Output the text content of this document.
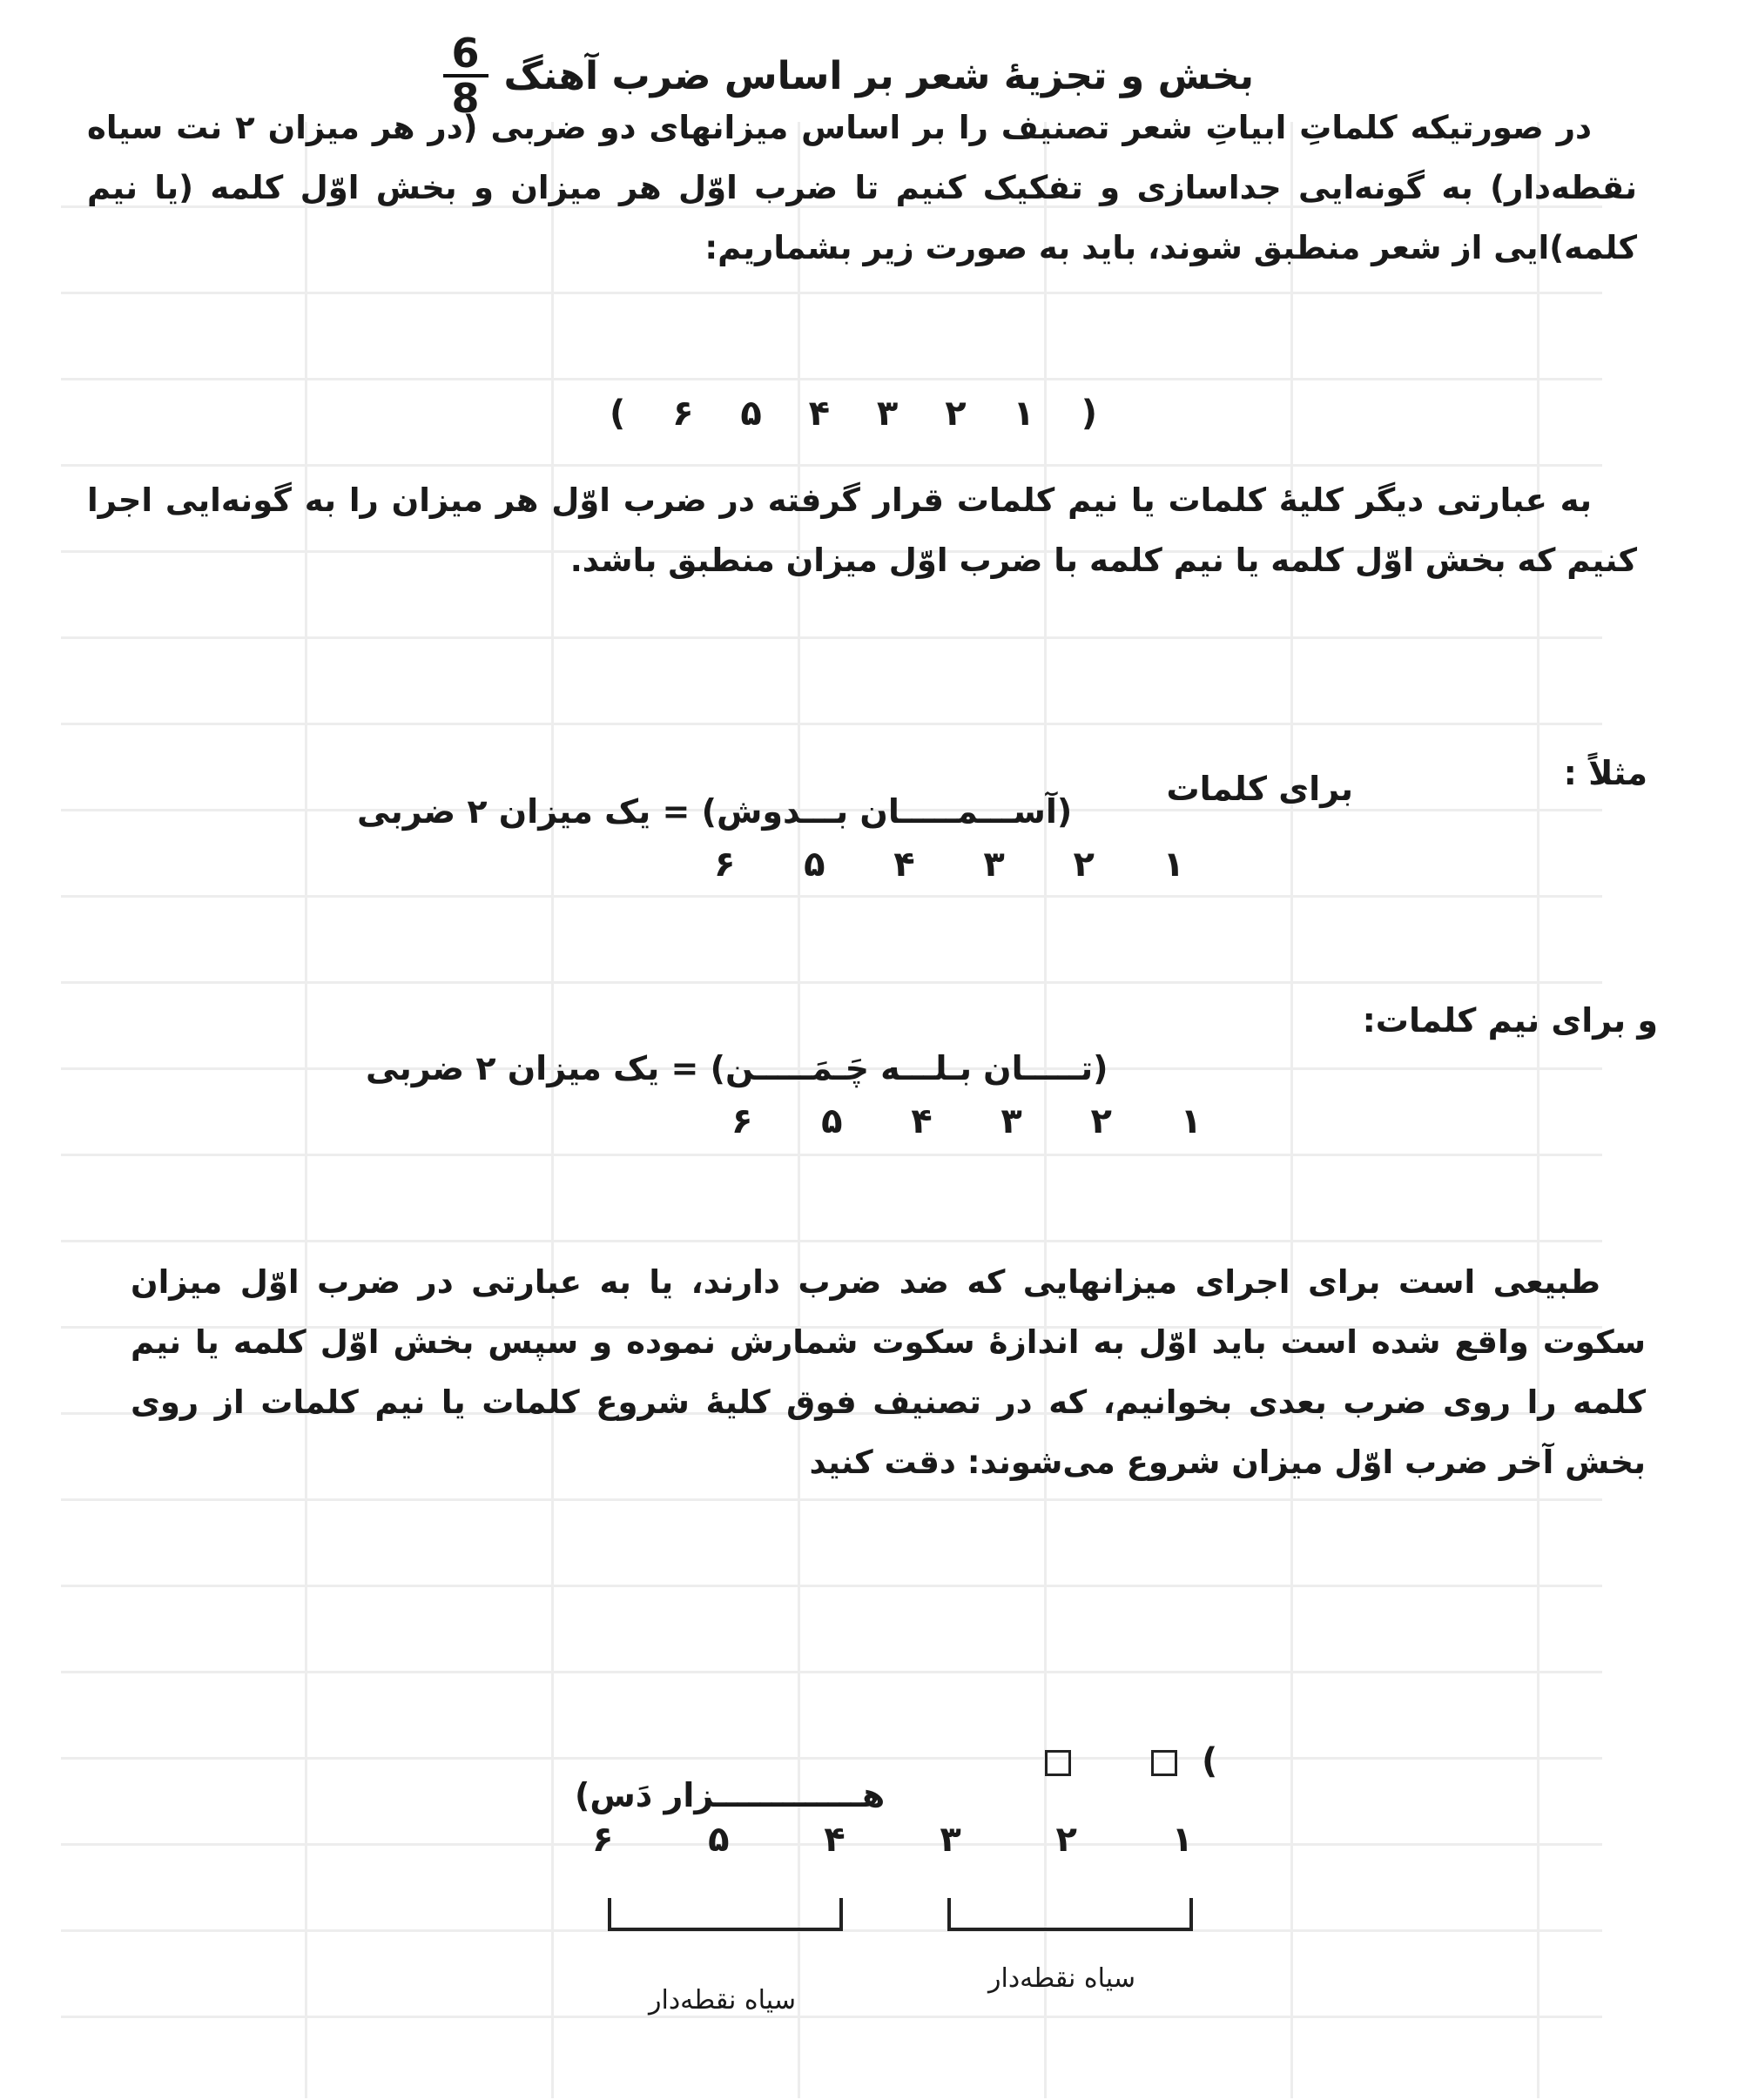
بخش و تجزیهٔ شعر بر اساس ضرب آهنگ
$\frac{6}{8}$
در صورتیکه کلماتِ ابیاتِ شعر تصنیف را بر اساس میزانهای دو ضربی (در هر میزان ۲ نت سیاه نقطه‌دار) به گونه‌ایی جداسازی و تفکیک کنیم تا ضرب اوّل هر میزان و بخش اوّل کلمه (یا نیم کلمه)ایی از شعر منطبق شوند، باید به صورت زیر بشماریم:
(
۱
۲
۳
۴
۵
۶
)
به عبارتی دیگر کلیهٔ کلمات یا نیم کلمات قرار گرفته در ضرب اوّل هر میزان را به گونه‌ایی اجرا کنیم که بخش اوّل کلمه یا نیم کلمه با ضرب اوّل میزان منطبق باشد.
مثلاً :
برای کلمات
(آســـمـــــان بـــدوش) = یک میزان ۲ ضربی
۱
۲
۳
۴
۵
۶
و برای نیم کلمات:
(تـــــان بـلـــه چَـمَـــــن) = یک میزان ۲ ضربی
۱
۲
۳
۴
۵
۶
طبیعی است برای اجرای میزانهایی که ضد ضرب دارند، یا به عبارتی در ضرب اوّل میزان سکوت واقع شده است باید اوّل به اندازهٔ سکوت شمارش نموده و سپس بخش اوّل کلمه یا نیم کلمه را روی ضرب بعدی بخوانیم، که در تصنیف فوق کلیهٔ شروع کلمات یا نیم کلمات از روی بخش آخر ضرب اوّل میزان شروع می‌شوند: دقت کنید
(
هـــــــــــــزار دَس)
۱
۲
۳
۴
۵
۶
سیاه نقطه‌دار
سیاه نقطه‌دار
